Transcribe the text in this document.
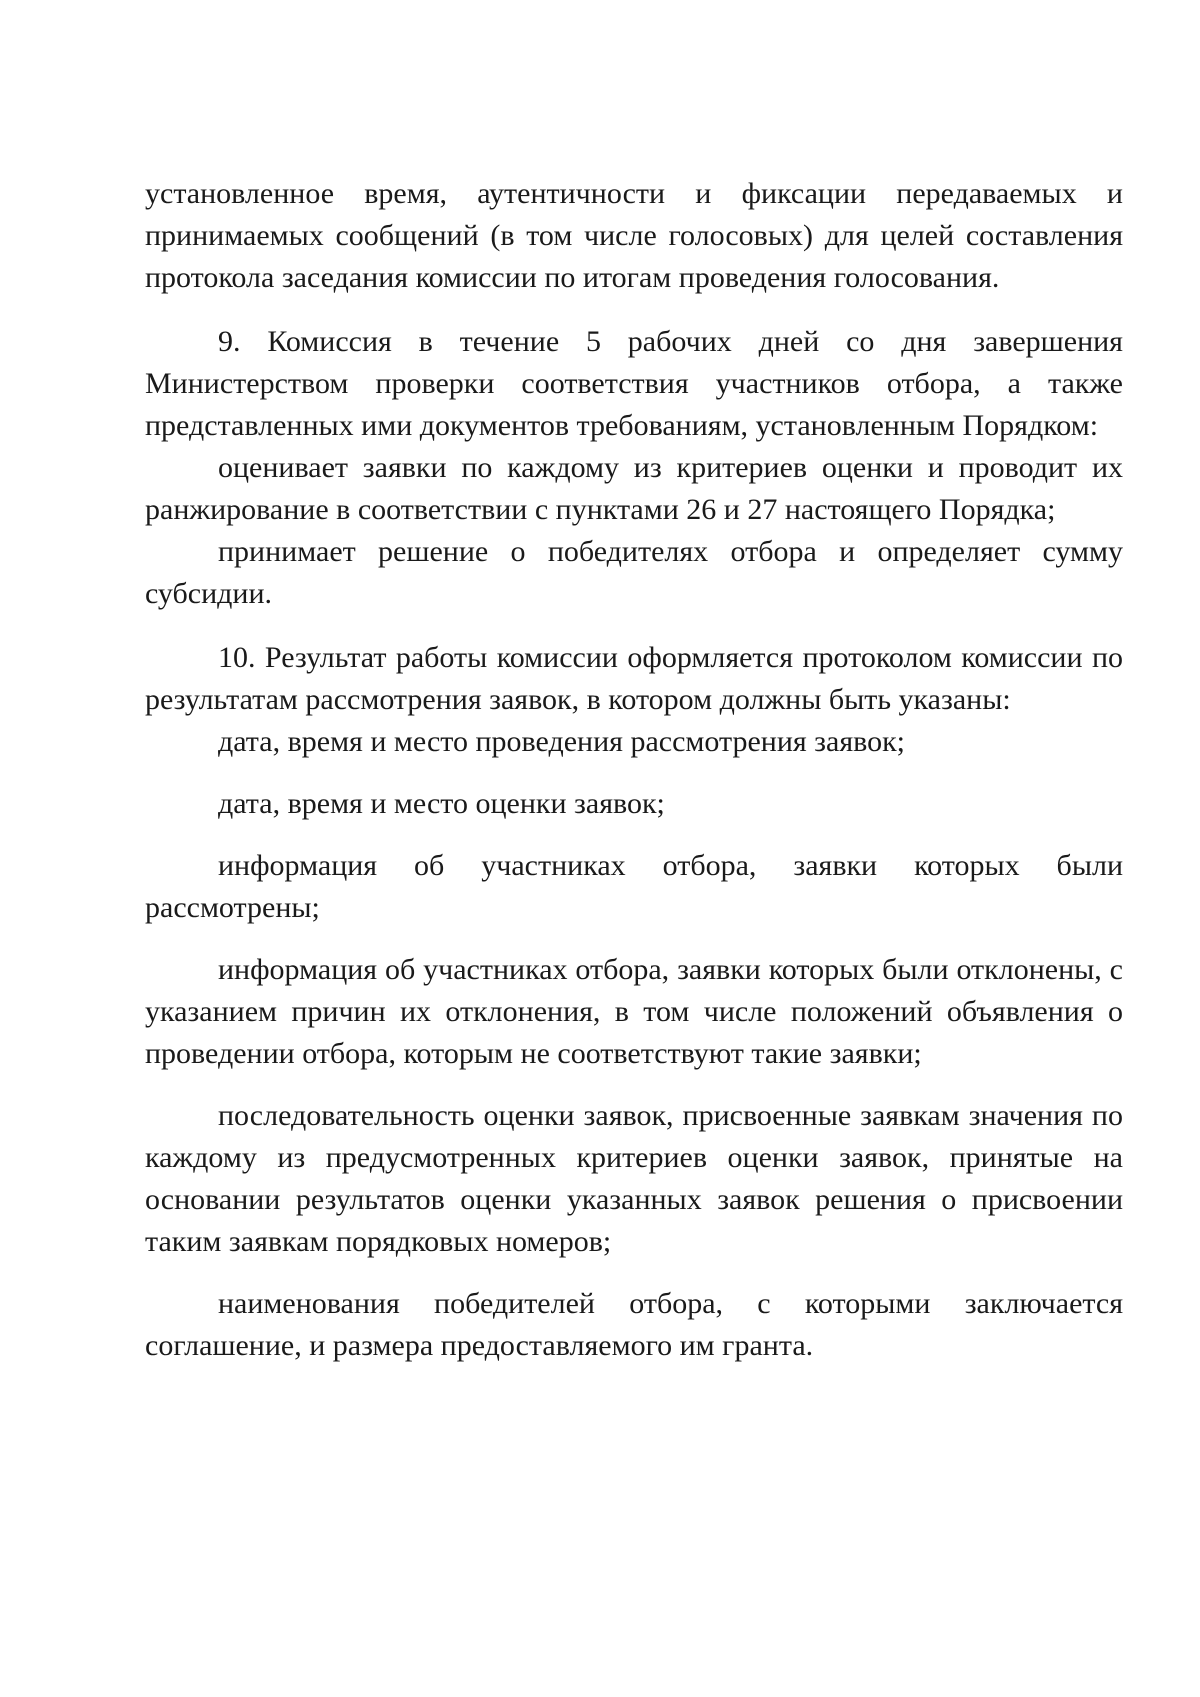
установленное время, аутентичности и фиксации передаваемых и принимаемых сообщений (в том числе голосовых) для целей составления протокола заседания комиссии по итогам проведения голосования.

9. Комиссия в течение 5 рабочих дней со дня завершения Министерством проверки соответствия участников отбора, а также представленных ими документов требованиям, установленным Порядком:

оценивает заявки по каждому из критериев оценки и проводит их ранжирование в соответствии с пунктами 26 и 27 настоящего Порядка;

принимает решение о победителях отбора и определяет сумму субсидии.

10. Результат работы комиссии оформляется протоколом комиссии по результатам рассмотрения заявок, в котором должны быть указаны:

дата, время и место проведения рассмотрения заявок;

дата, время и место оценки заявок;

информация об участниках отбора, заявки которых были рассмотрены;

информация об участниках отбора, заявки которых были отклонены, с указанием причин их отклонения, в том числе положений объявления о проведении отбора, которым не соответствуют такие заявки;

последовательность оценки заявок, присвоенные заявкам значения по каждому из предусмотренных критериев оценки заявок, принятые на основании результатов оценки указанных заявок решения о присвоении таким заявкам порядковых номеров;

наименования победителей отбора, с которыми заключается соглашение, и размера предоставляемого им гранта.
